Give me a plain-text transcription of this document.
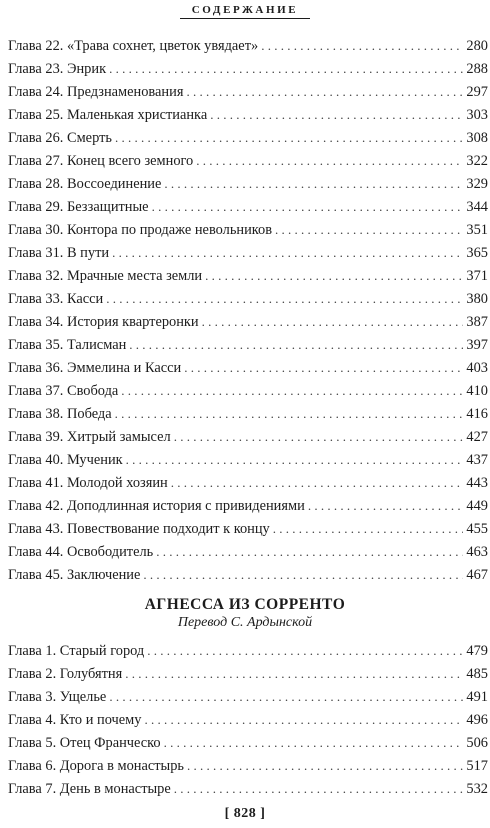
СОДЕРЖАНИЕ
Глава 22. «Трава сохнет, цветок увядает» . . .	280
Глава 23. Энрик . . .	288
Глава 24. Предзнаменования . . .	297
Глава 25. Маленькая христианка . . .	303
Глава 26. Смерть . . .	308
Глава 27. Конец всего земного . . .	322
Глава 28. Воссоединение . . .	329
Глава 29. Беззащитные . . .	344
Глава 30. Контора по продаже невольников . . .	351
Глава 31. В пути . . .	365
Глава 32. Мрачные места земли . . .	371
Глава 33. Касси . . .	380
Глава 34. История квартеронки . . .	387
Глава 35. Талисман . . .	397
Глава 36. Эммелина и Касси . . .	403
Глава 37. Свобода . . .	410
Глава 38. Победа . . .	416
Глава 39. Хитрый замысел . . .	427
Глава 40. Мученик . . .	437
Глава 41. Молодой хозяин . . .	443
Глава 42. Доподлинная история с привидениями . . .	449
Глава 43. Повествование подходит к концу . . .	455
Глава 44. Освободитель . . .	463
Глава 45. Заключение . . .	467
АГНЕССА ИЗ СОРРЕНТО
Перевод С. Ардынской
Глава 1. Старый город . . .	479
Глава 2. Голубятня . . .	485
Глава 3. Ущелье . . .	491
Глава 4. Кто и почему . . .	496
Глава 5. Отец Франческо . . .	506
Глава 6. Дорога в монастырь . . .	517
Глава 7. День в монастыре . . .	532
[ 828 ]
